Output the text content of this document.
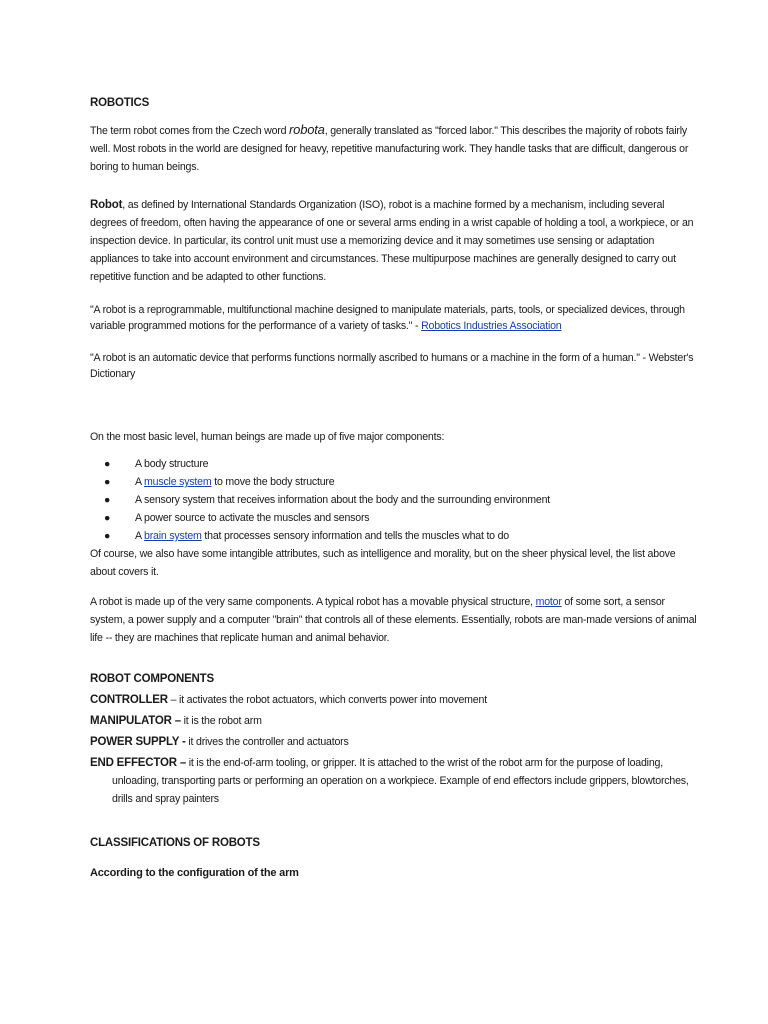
ROBOTICS

The term robot comes from the Czech word robota, generally translated as "forced labor." This describes the majority of robots fairly well. Most robots in the world are designed for heavy, repetitive manufacturing work. They handle tasks that are difficult, dangerous or boring to human beings.

Robot, as defined by International Standards Organization (ISO), robot is a machine formed by a mechanism, including several degrees of freedom, often having the appearance of one or several arms ending in a wrist capable of holding a tool, a workpiece, or an inspection device. In particular, its control unit must use a memorizing device and it may sometimes use sensing or adaptation appliances to take into account environment and circumstances. These multipurpose machines are generally designed to carry out repetitive function and be adapted to other functions.

"A robot is a reprogrammable, multifunctional machine designed to manipulate materials, parts, tools, or specialized devices, through variable programmed motions for the performance of a variety of tasks." - Robotics Industries Association

"A robot is an automatic device that performs functions normally ascribed to humans or a machine in the form of a human." - Webster's Dictionary

On the most basic level, human beings are made up of five major components:

● A body structure
● A muscle system to move the body structure
● A sensory system that receives information about the body and the surrounding environment
● A power source to activate the muscles and sensors
● A brain system that processes sensory information and tells the muscles what to do

Of course, we also have some intangible attributes, such as intelligence and morality, but on the sheer physical level, the list above about covers it.

A robot is made up of the very same components. A typical robot has a movable physical structure, motor of some sort, a sensor system, a power supply and a computer "brain" that controls all of these elements. Essentially, robots are man-made versions of animal life -- they are machines that replicate human and animal behavior.

ROBOT COMPONENTS

CONTROLLER – it activates the robot actuators, which converts power into movement

MANIPULATOR – it is the robot arm

POWER SUPPLY - it drives the controller and actuators

END EFFECTOR – it is the end-of-arm tooling, or gripper. It is attached to the wrist of the robot arm for the purpose of loading, unloading, transporting parts or performing an operation on a workpiece. Example of end effectors include grippers, blowtorches, drills and spray painters

CLASSIFICATIONS OF ROBOTS

According to the configuration of the arm
